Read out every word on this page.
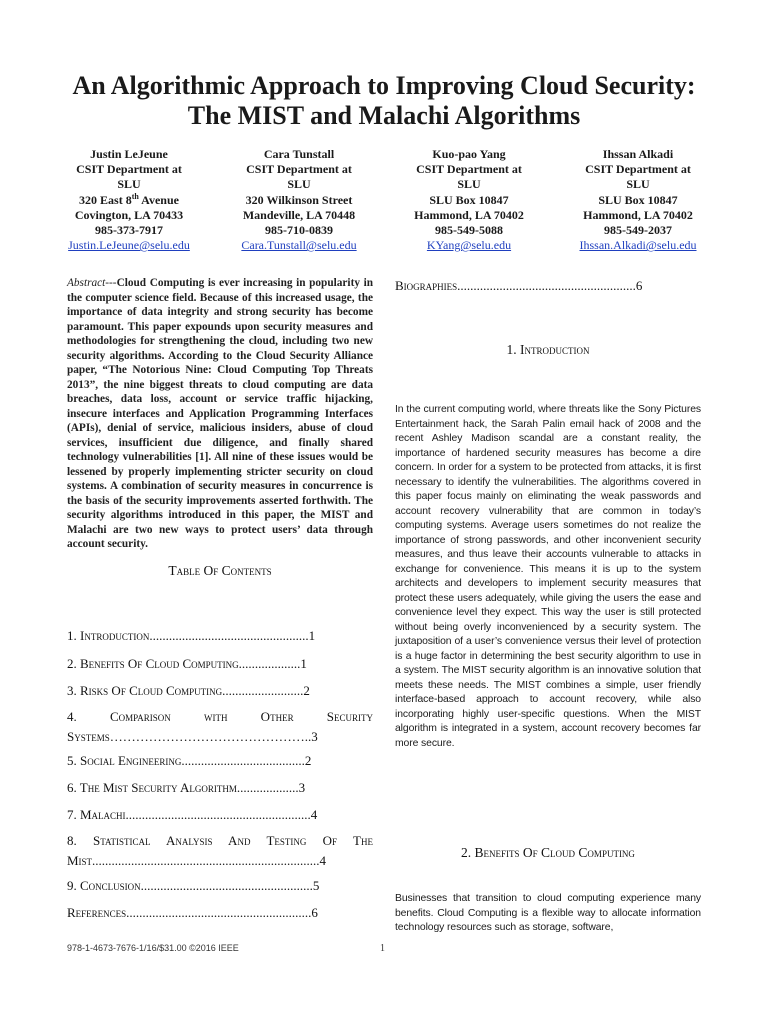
An Algorithmic Approach to Improving Cloud Security:
The MIST and Malachi Algorithms
Justin LeJeune
CSIT Department at
SLU
320 East 8th Avenue
Covington, LA 70433
985-373-7917
Justin.LeJeune@selu.edu
Cara Tunstall
CSIT Department at
SLU
320 Wilkinson Street
Mandeville, LA 70448
985-710-0839
Cara.Tunstall@selu.edu
Kuo-pao Yang
CSIT Department at
SLU
SLU Box 10847
Hammond, LA 70402
985-549-5088
KYang@selu.edu
Ihssan Alkadi
CSIT Department at
SLU
SLU Box 10847
Hammond, LA 70402
985-549-2037
Ihssan.Alkadi@selu.edu
Abstract---Cloud Computing is ever increasing in popularity in the computer science field. Because of this increased usage, the importance of data integrity and strong security has become paramount. This paper expounds upon security measures and methodologies for strengthening the cloud, including two new security algorithms. According to the Cloud Security Alliance paper, “The Notorious Nine: Cloud Computing Top Threats 2013”, the nine biggest threats to cloud computing are data breaches, data loss, account or service traffic hijacking, insecure interfaces and Application Programming Interfaces (APIs), denial of service, malicious insiders, abuse of cloud services, insufficient due diligence, and finally shared technology vulnerabilities [1]. All nine of these issues would be lessened by properly implementing stricter security on cloud systems. A combination of security measures in concurrence is the basis of the security improvements asserted forthwith. The security algorithms introduced in this paper, the MIST and Malachi are two new ways to protect users’ data through account security.
Table Of Contents
1. Introduction.................................................1
2. Benefits Of Cloud Computing...................1
3. Risks Of Cloud Computing.........................2
4. Comparison with Other Security Systems………………………………………..3
5. Social Engineering......................................2
6. The Mist Security Algorithm...................3
7. Malachi.........................................................4
8. Statistical Analysis And Testing Of The Mist......................................................................4
9. Conclusion.....................................................5
References.........................................................6
Biographies.......................................................6
1. Introduction
In the current computing world, where threats like the Sony Pictures Entertainment hack, the Sarah Palin email hack of 2008 and the recent Ashley Madison scandal are a constant reality, the importance of hardened security measures has become a dire concern. In order for a system to be protected from attacks, it is first necessary to identify the vulnerabilities. The algorithms covered in this paper focus mainly on eliminating the weak passwords and account recovery vulnerability that are common in today’s computing systems. Average users sometimes do not realize the importance of strong passwords, and other inconvenient security measures, and thus leave their accounts vulnerable to attacks in exchange for convenience. This means it is up to the system architects and developers to implement security measures that protect these users adequately, while giving the users the ease and convenience level they expect. This way the user is still protected without being overly inconvenienced by a security system. The juxtaposition of a user’s convenience versus their level of protection is a huge factor in determining the best security algorithm to use in a system. The MIST security algorithm is an innovative solution that meets these needs. The MIST combines a simple, user friendly interface-based approach to account recovery, while also incorporating highly user-specific questions. When the MIST algorithm is integrated in a system, account recovery becomes far more secure.
2. Benefits Of Cloud Computing
Businesses that transition to cloud computing experience many benefits. Cloud Computing is a flexible way to allocate information technology resources such as storage, software,
978-1-4673-7676-1/16/$31.00 ©2016 IEEE	1
